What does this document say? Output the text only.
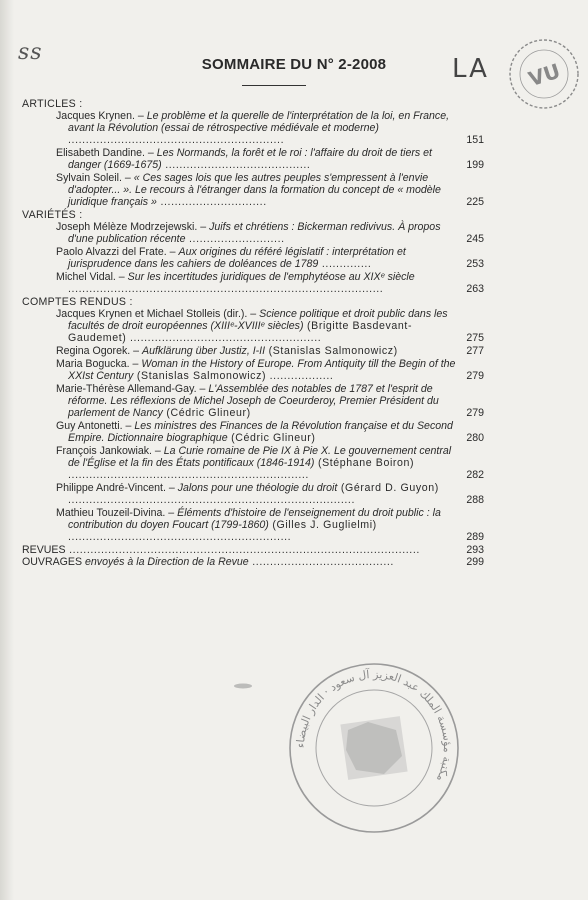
ss
LA VU
SOMMAIRE DU N° 2-2008
ARTICLES :
Jacques Krynen. – Le problème et la querelle de l'interprétation de la loi, en France, avant la Révolution (essai de rétrospective médiévale et moderne) .............................................................	151
Elisabeth Dandine. – Les Normands, la forêt et le roi : l'affaire du droit de tiers et danger (1669-1675) .........................................	199
Sylvain Soleil. – « Ces sages lois que les autres peuples s'empressent à l'envie d'adopter... ». Le recours à l'étranger dans la formation du concept de « modèle juridique français » ..............................	225
VARIÉTÉS :
Joseph Mélèze Modrzejewski. – Juifs et chrétiens : Bickerman redivivus. À propos d'une publication récente ...........................	245
Paolo Alvazzi del Frate. – Aux origines du référé législatif : interprétation et jurisprudence dans les cahiers de doléances de 1789 ..............	253
Michel Vidal. – Sur les incertitudes juridiques de l'emphytéose au XIXᵉ siècle .........................................................................................	263
COMPTES RENDUS :
Jacques Krynen et Michael Stolleis (dir.). – Science politique et droit public dans les facultés de droit européennes (XIIIᵉ-XVIIIᵉ siècles) (Brigitte Basdevant-Gaudemet) ......................................................	275
Regina Ogorek. – Aufklärung über Justiz, I-II (Stanislas Salmonowicz)	277
Maria Bogucka. – Woman in the History of Europe. From Antiquity till the Begin of the XXIst Century (Stanislas Salmonowicz) ..................	279
Marie-Thérèse Allemand-Gay. – L'Assemblée des notables de 1787 et l'esprit de réforme. Les réflexions de Michel Joseph de Coeurderoy, Premier Président du parlement de Nancy (Cédric Glineur)	279
Guy Antonetti. – Les ministres des Finances de la Révolution française et du Second Empire. Dictionnaire biographique (Cédric Glineur)	280
François Jankowiak. – La Curie romaine de Pie IX à Pie X. Le gouvernement central de l'Église et la fin des États pontificaux (1846-1914) (Stéphane Boiron) ....................................................................	282
Philippe André-Vincent. – Jalons pour une théologie du droit (Gérard D. Guyon) .................................................................................	288
Mathieu Touzeil-Divina. – Éléments d'histoire de l'enseignement du droit public : la contribution du doyen Foucart (1799-1860) (Gilles J. Guglielmi) ...............................................................	289
REVUES ...................................................................................................	293
OUVRAGES envoyés à la Direction de la Revue ........................................	299
مكتبة مؤسسة الملك عبد العزيز آل سعود · الدار البيضاء
